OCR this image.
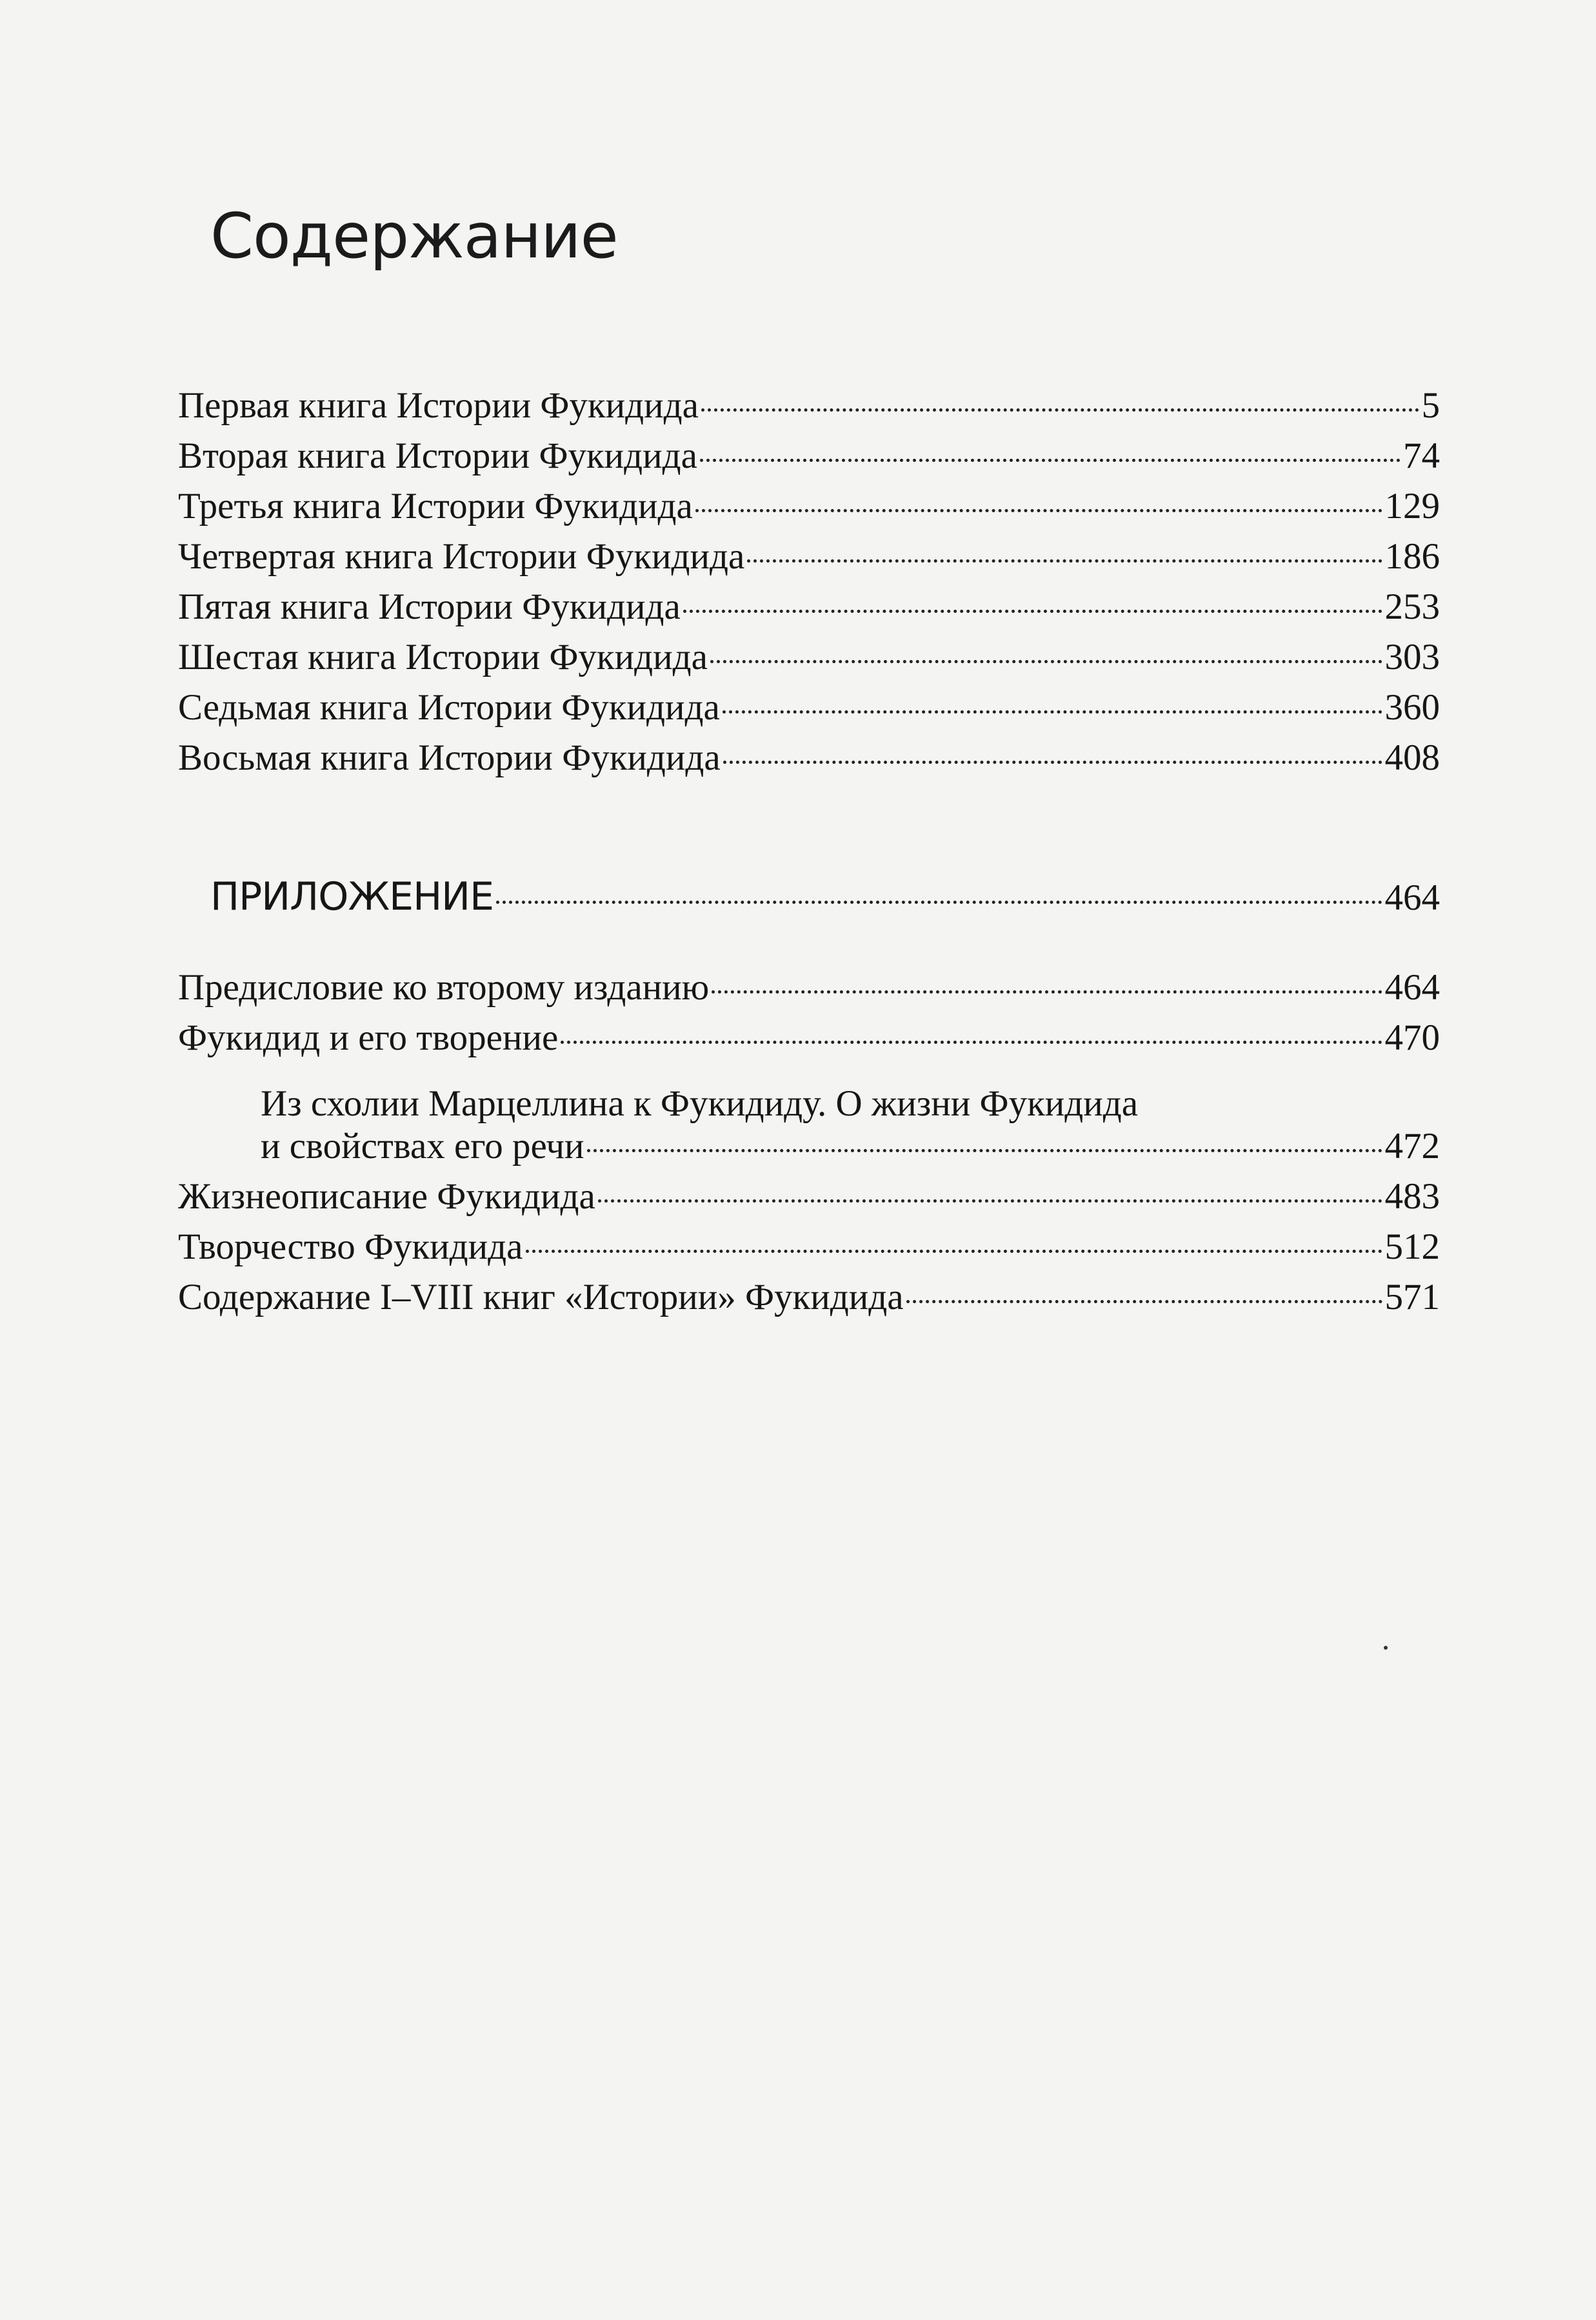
Содержание
Первая книга Истории Фукидида	5
Вторая книга Истории Фукидида	74
Третья книга Истории Фукидида	129
Четвертая книга Истории Фукидида	186
Пятая книга Истории Фукидида	253
Шестая книга Истории Фукидида	303
Седьмая книга Истории Фукидида	360
Восьмая книга Истории Фукидида	408
ПРИЛОЖЕНИЕ	464
Предисловие ко второму изданию	464
Фукидид и его творение	470
Из схолии Марцеллина к Фукидиду. О жизни Фукидида
и свойствах его речи	472
Жизнеописание Фукидида	483
Творчество Фукидида	512
Содержание I–VIII книг «Истории» Фукидида	571
